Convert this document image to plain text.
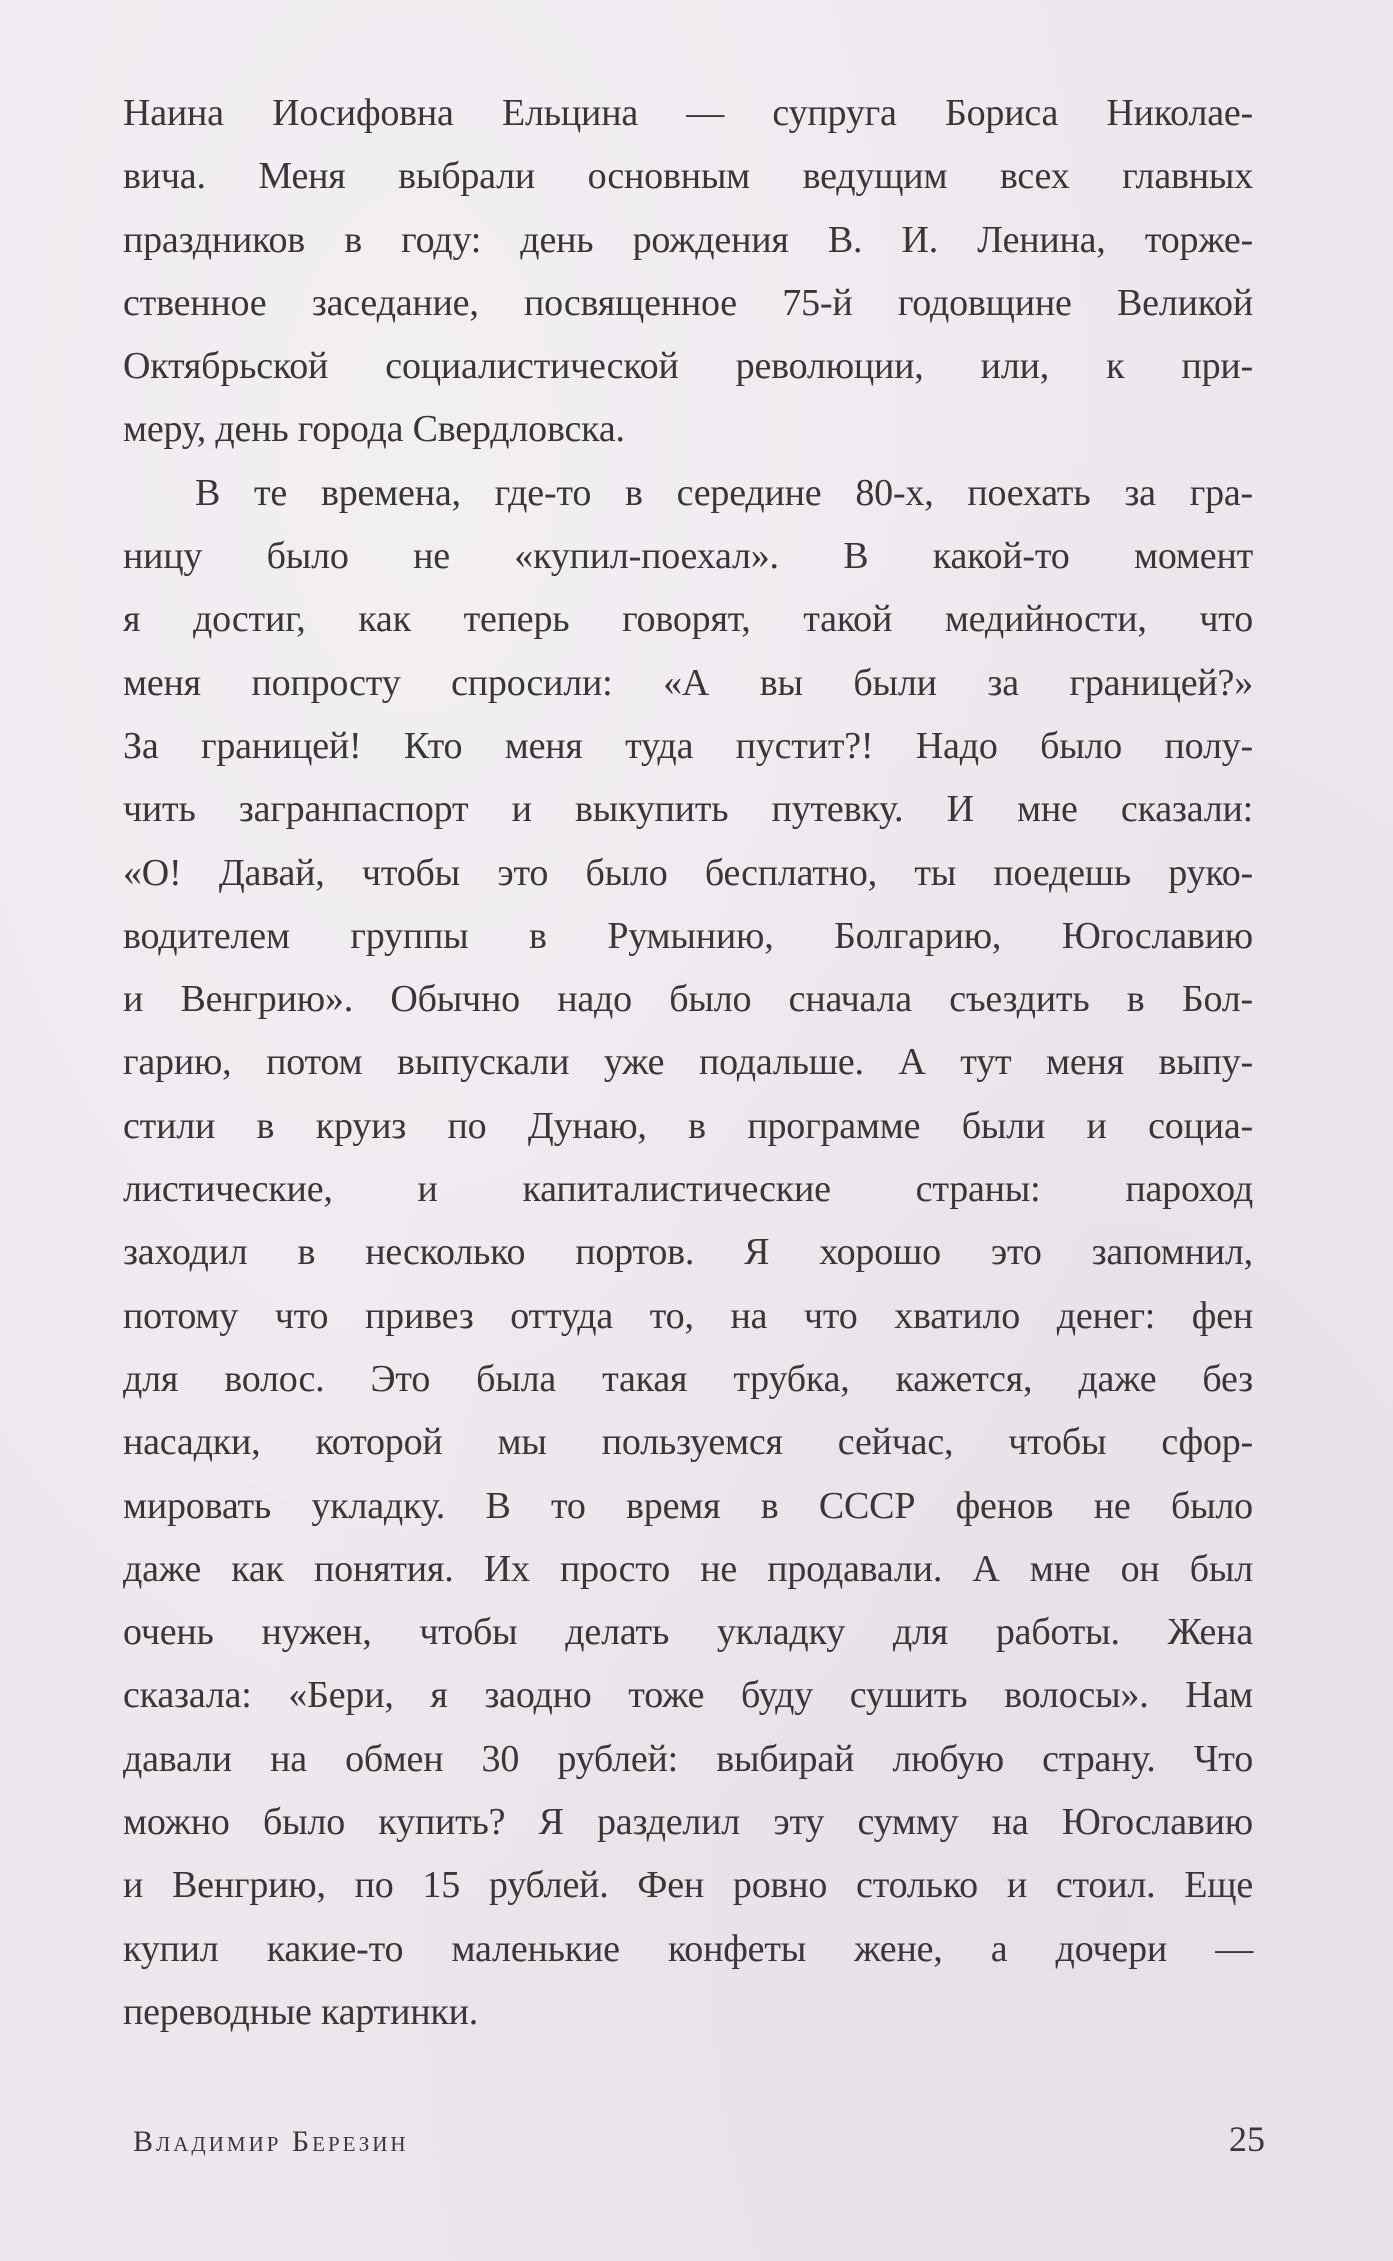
Наина Иосифовна Ельцина — супруга Бориса Николае-
вича. Меня выбрали основным ведущим всех главных
праздников в году: день рождения В. И. Ленина, торже-
ственное заседание, посвященное 75-й годовщине Великой
Октябрьской социалистической революции, или, к при-
меру, день города Свердловска.
В те времена, где-то в середине 80-х, поехать за гра-
ницу было не «купил-поехал». В какой-то момент
я достиг, как теперь говорят, такой медийности, что
меня попросту спросили: «А вы были за границей?»
За границей! Кто меня туда пустит?! Надо было полу-
чить загранпаспорт и выкупить путевку. И мне сказали:
«О! Давай, чтобы это было бесплатно, ты поедешь руко-
водителем группы в Румынию, Болгарию, Югославию
и Венгрию». Обычно надо было сначала съездить в Бол-
гарию, потом выпускали уже подальше. А тут меня выпу-
стили в круиз по Дунаю, в программе были и социа-
листические, и капиталистические страны: пароход
заходил в несколько портов. Я хорошо это запомнил,
потому что привез оттуда то, на что хватило денег: фен
для волос. Это была такая трубка, кажется, даже без
насадки, которой мы пользуемся сейчас, чтобы сфор-
мировать укладку. В то время в СССР фенов не было
даже как понятия. Их просто не продавали. А мне он был
очень нужен, чтобы делать укладку для работы. Жена
сказала: «Бери, я заодно тоже буду сушить волосы». Нам
давали на обмен 30 рублей: выбирай любую страну. Что
можно было купить? Я разделил эту сумму на Югославию
и Венгрию, по 15 рублей. Фен ровно столько и стоил. Еще
купил какие-то маленькие конфеты жене, а дочери —
переводные картинки.
Владимир Березин	25
